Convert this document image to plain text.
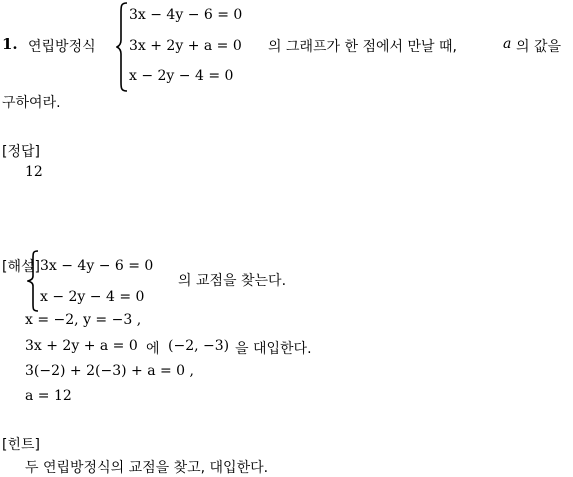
1. 연립방정식
3x − 4y − 6 = 0
3x + 2y + a = 0
x − 2y − 4 = 0
의 그래프가 한 점에서 만날 때,	a 의 값을
구하여라.
[정답]
12
[해설] 3x − 4y − 6 = 0
x − 2y − 4 = 0
의 교점을 찾는다.
x = −2, y = −3 ,
3x + 2y + a = 0 에 (−2, −3) 을 대입한다.
3(−2) + 2(−3) + a = 0 ,
a = 12
[힌트]
두 연립방정식의 교점을 찾고, 대입한다.
